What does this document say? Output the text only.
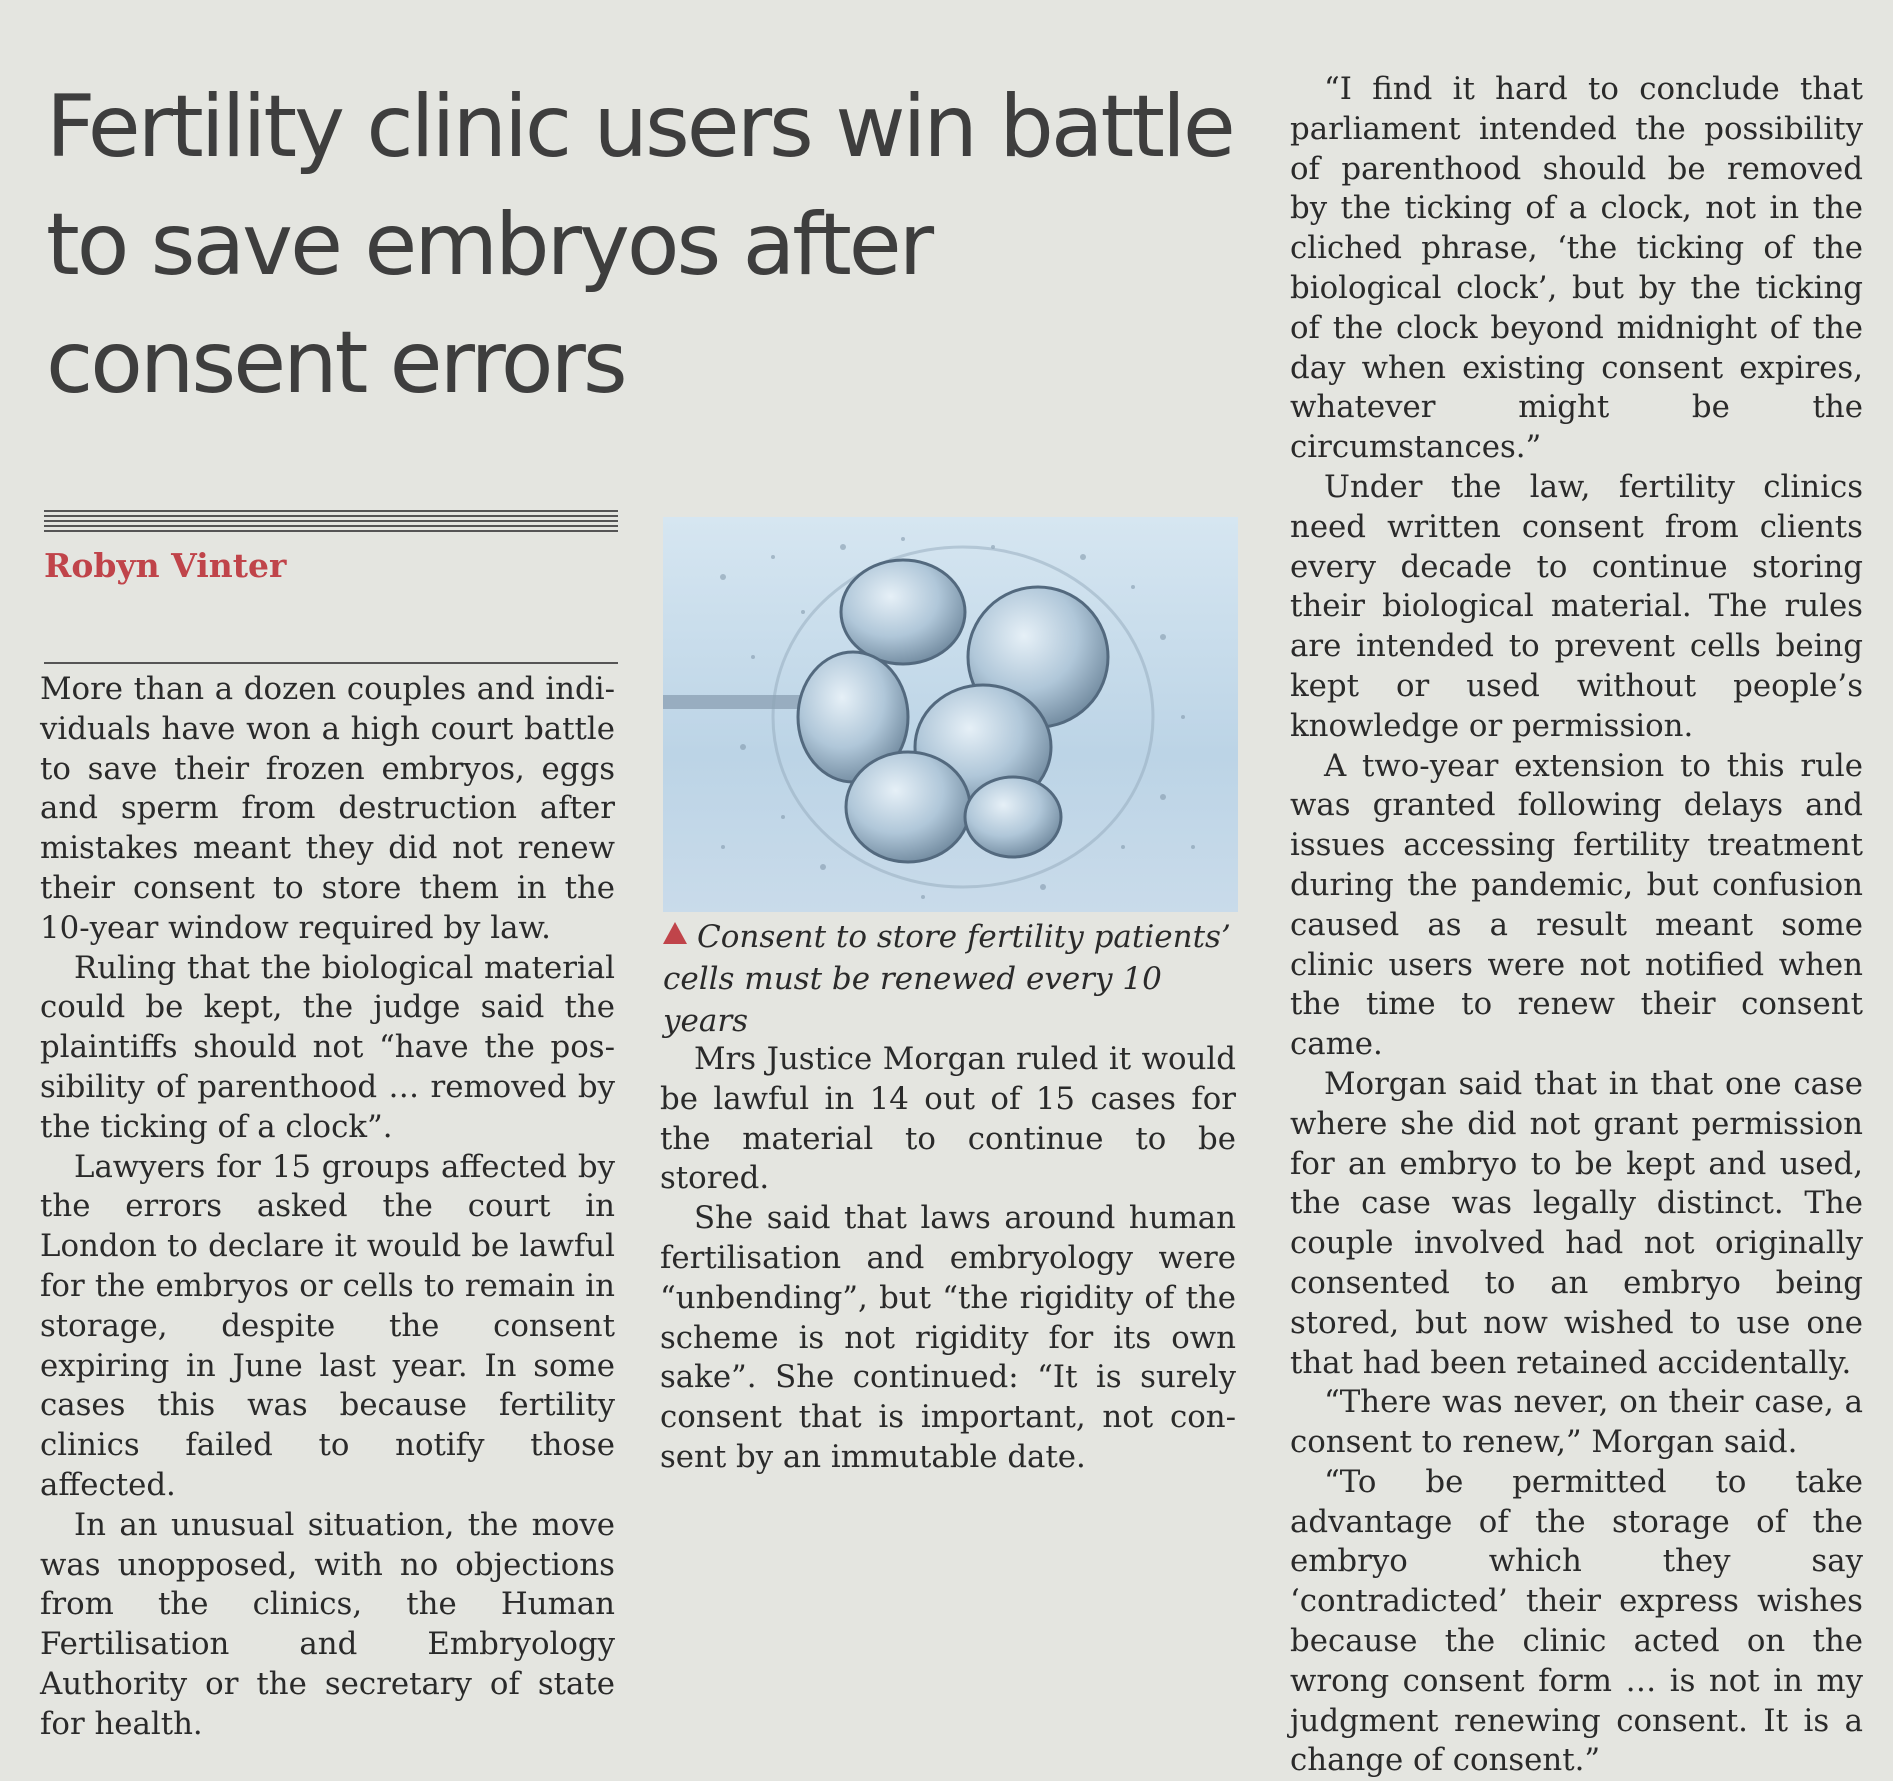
Fertility clinic users win battle to save embryos after consent errors
Robyn Vinter

More than a dozen couples and individuals have won a high court battle to save their frozen embryos, eggs and sperm from destruction after mistakes meant they did not renew their consent to store them in the 10-year window required by law.

Ruling that the biological material could be kept, the judge said the plaintiffs should not “have the possibility of parenthood … removed by the ticking of a clock”.

Lawyers for 15 groups affected by the errors asked the court in London to declare it would be lawful for the embryos or cells to remain in storage, despite the consent expiring in June last year. In some cases this was because fertility clinics failed to notify those affected.

In an unusual situation, the move was unopposed, with no objections from the clinics, the Human Fertilisation and Embryology Authority or the secretary of state for health.

Consent to store fertility patients’ cells must be renewed every 10 years

Mrs Justice Morgan ruled it would be lawful in 14 out of 15 cases for the material to continue to be stored.

She said that laws around human fertilisation and embryology were “unbending”, but “the rigidity of the scheme is not rigidity for its own sake”. She continued: “It is surely consent that is important, not consent by an immutable date.

“I find it hard to conclude that parliament intended the possibility of parenthood should be removed by the ticking of a clock, not in the cliched phrase, ‘the ticking of the biological clock’, but by the ticking of the clock beyond midnight of the day when existing consent expires, whatever might be the circumstances.”

Under the law, fertility clinics need written consent from clients every decade to continue storing their biological material. The rules are intended to prevent cells being kept or used without people’s knowledge or permission.

A two-year extension to this rule was granted following delays and issues accessing fertility treatment during the pandemic, but confusion caused as a result meant some clinic users were not notified when the time to renew their consent came.

Morgan said that in that one case where she did not grant permission for an embryo to be kept and used, the case was legally distinct. The couple involved had not originally consented to an embryo being stored, but now wished to use one that had been retained accidentally.

“There was never, on their case, a consent to renew,” Morgan said.

“To be permitted to take advantage of the storage of the embryo which they say ‘contradicted’ their express wishes because the clinic acted on the wrong consent form … is not in my judgment renewing consent. It is a change of consent.”
